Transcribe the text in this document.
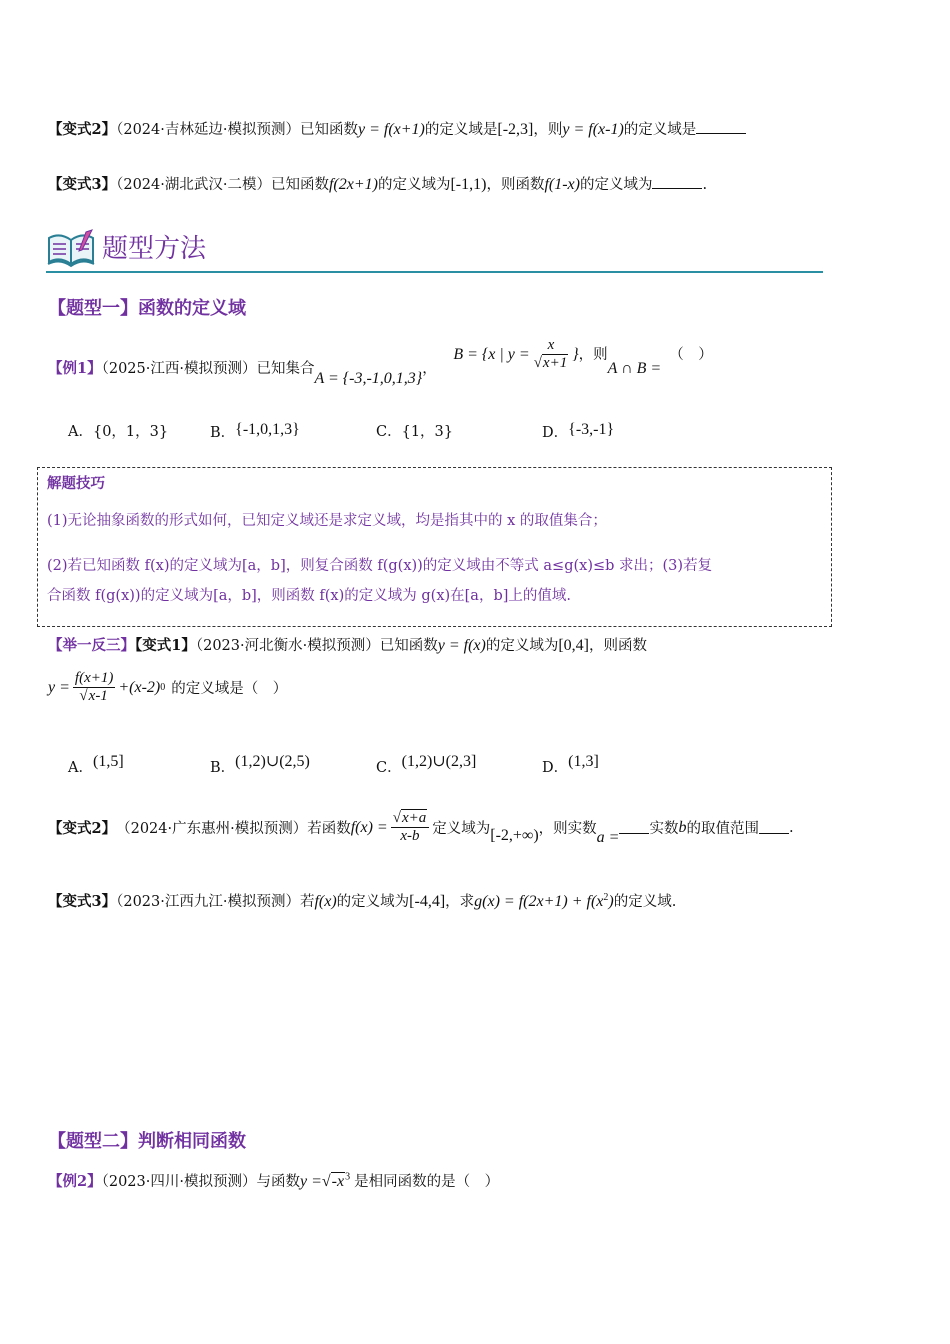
【变式2】（2024·吉林延边·模拟预测）已知函数y = f(x+1)的定义域是[-2,3]，则y = f(x-1)的定义域是
【变式3】（2024·湖北武汉·二模）已知函数f(2x+1)的定义域为[-1,1)，则函数f(1-x)的定义域为	.
题型方法
【题型一】函数的定义域
【例1】（2025·江西·模拟预测）已知集合A = {-3,-1,0,1,3}，
B = {x | $y = \frac{x}{√x+1}$ } ，则A ∩ B =（　）
A．{0，1，3}	B．{-1,0,1,3}	C．{1，3}	D．{-3,-1}
解题技巧
(1)无论抽象函数的形式如何，已知定义域还是求定义域，均是指其中的 x 的取值集合；
(2)若已知函数 f(x)的定义域为[a，b]，则复合函数 f(g(x))的定义域由不等式 a≤g(x)≤b 求出；(3)若复
合函数 f(g(x))的定义域为[a，b]，则函数 f(x)的定义域为 g(x)在[a，b]上的值域.
【举一反三】【变式1】（2023·河北衡水·模拟预测）已知函数y = f(x)的定义域为[0,4]，则函数
$y = \frac{f(x+1)}{√x-1} +(x-2)$ 0 的定义域是（　）
A．(1,5]	B．(1,2)∪(2,5)	C．(1,2)∪(2,3]	D．(1,3]
【变式2】 （2024·广东惠州·模拟预测） 若函数 $f(x) = \frac{√x+a}{x-b}$ 定义域为 [-2,+∞) ，则实数 a = 实数 b 的取值范围 .
【变式3】（2023·江西九江·模拟预测）若f(x)的定义域为[-4,4]，求$g(x) = f(2x+1) + f(x^2)$的定义域.
【题型二】判断相同函数
【例2】（2023·四川·模拟预测）与函数$y =√-x^3$ 是相同函数的是（　）
